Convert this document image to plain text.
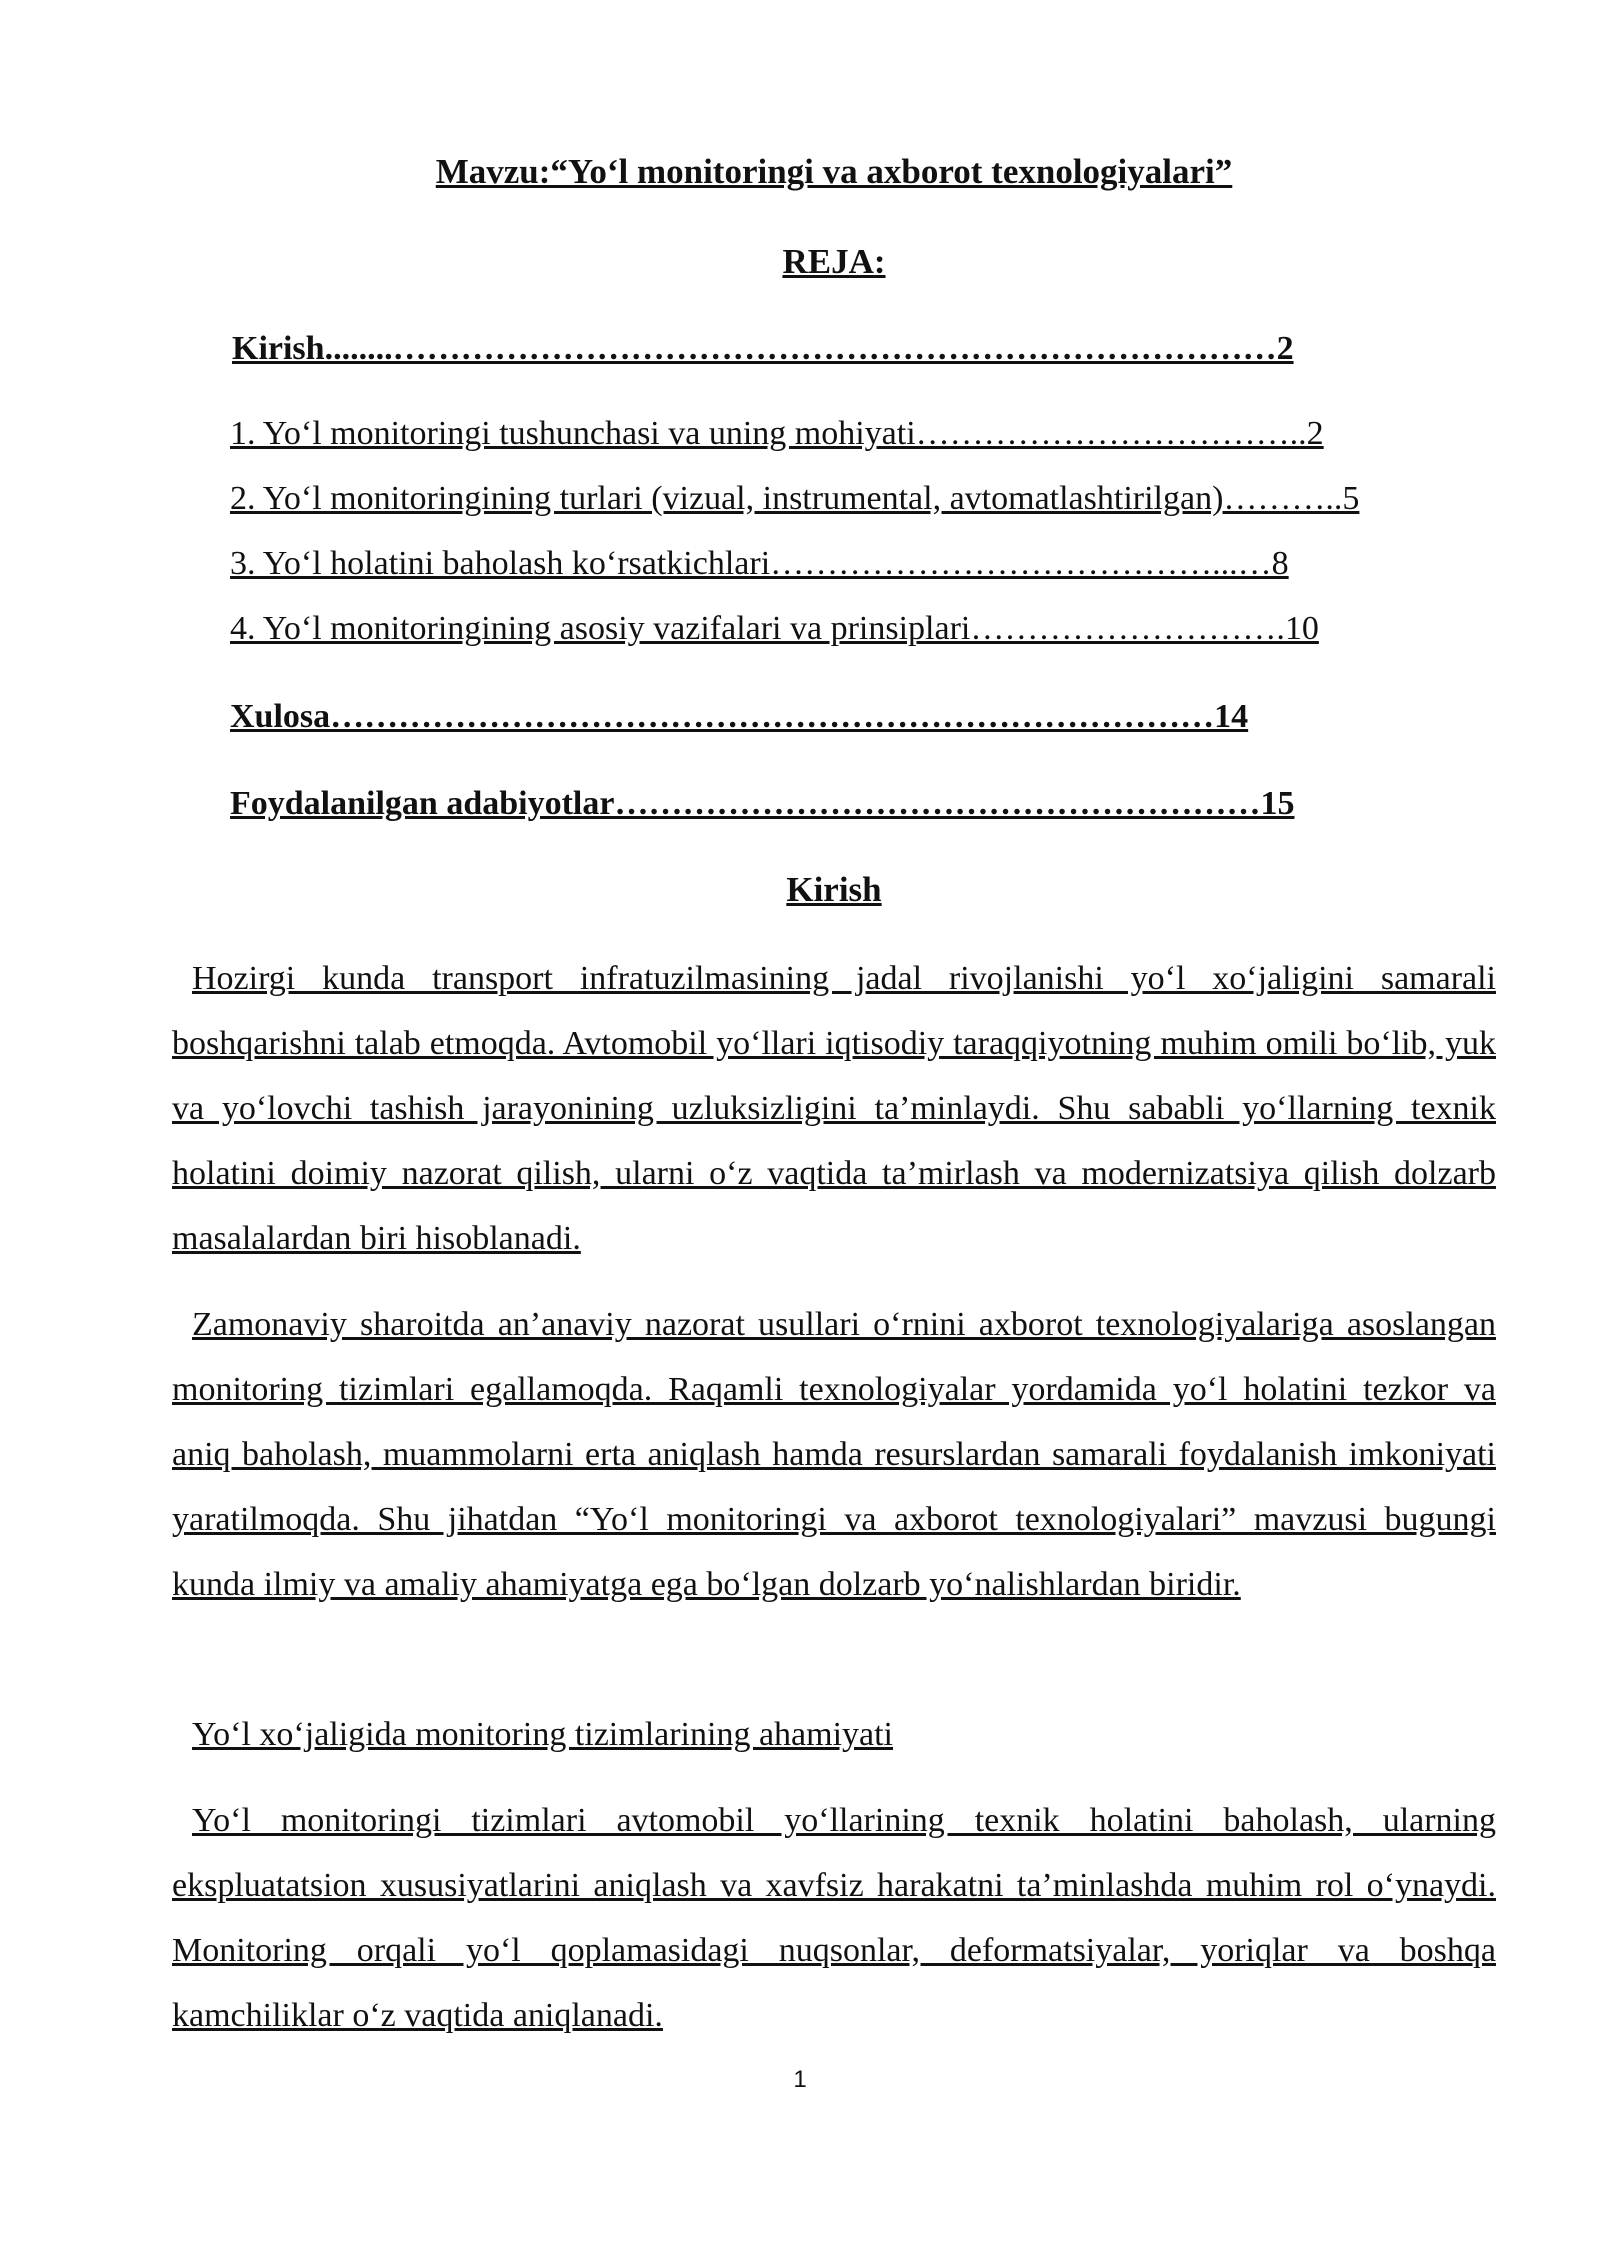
Mavzu:“Yo‘l monitoringi va axborot texnologiyalari”
REJA:
Kirish........……………………………………………………………………2
1. Yo‘l monitoringi tushunchasi va uning mohiyati……………………………..2
2. Yo‘l monitoringining turlari (vizual, instrumental, avtomatlashtirilgan)………..5
3. Yo‘l holatini baholash ko‘rsatkichlari…………………………………...…8
4. Yo‘l monitoringining asosiy vazifalari va prinsiplari……………………….10
Xulosa……………………………………………………………………14
Foydalanilgan adabiyotlar…………………………………………………15
Kirish

Hozirgi kunda transport infratuzilmasining jadal rivojlanishi yo‘l xo‘jaligini samarali boshqarishni talab etmoqda. Avtomobil yo‘llari iqtisodiy taraqqiyotning muhim omili bo‘lib, yuk va yo‘lovchi tashish jarayonining uzluksizligini ta’minlaydi. Shu sababli yo‘llarning texnik holatini doimiy nazorat qilish, ularni o‘z vaqtida ta’mirlash va modernizatsiya qilish dolzarb masalalardan biri hisoblanadi.

Zamonaviy sharoitda an’anaviy nazorat usullari o‘rnini axborot texnologiyalariga asoslangan monitoring tizimlari egallamoqda. Raqamli texnologiyalar yordamida yo‘l holatini tezkor va aniq baholash, muammolarni erta aniqlash hamda resurslardan samarali foydalanish imkoniyati yaratilmoqda. Shu jihatdan “Yo‘l monitoringi va axborot texnologiyalari” mavzusi bugungi kunda ilmiy va amaliy ahamiyatga ega bo‘lgan dolzarb yo‘nalishlardan biridir.

Yo‘l xo‘jaligida monitoring tizimlarining ahamiyati

Yo‘l monitoringi tizimlari avtomobil yo‘llarining texnik holatini baholash, ularning ekspluatatsion xususiyatlarini aniqlash va xavfsiz harakatni ta’minlashda muhim rol o‘ynaydi. Monitoring orqali yo‘l qoplamasidagi nuqsonlar, deformatsiyalar, yoriqlar va boshqa kamchiliklar o‘z vaqtida aniqlanadi.

1
